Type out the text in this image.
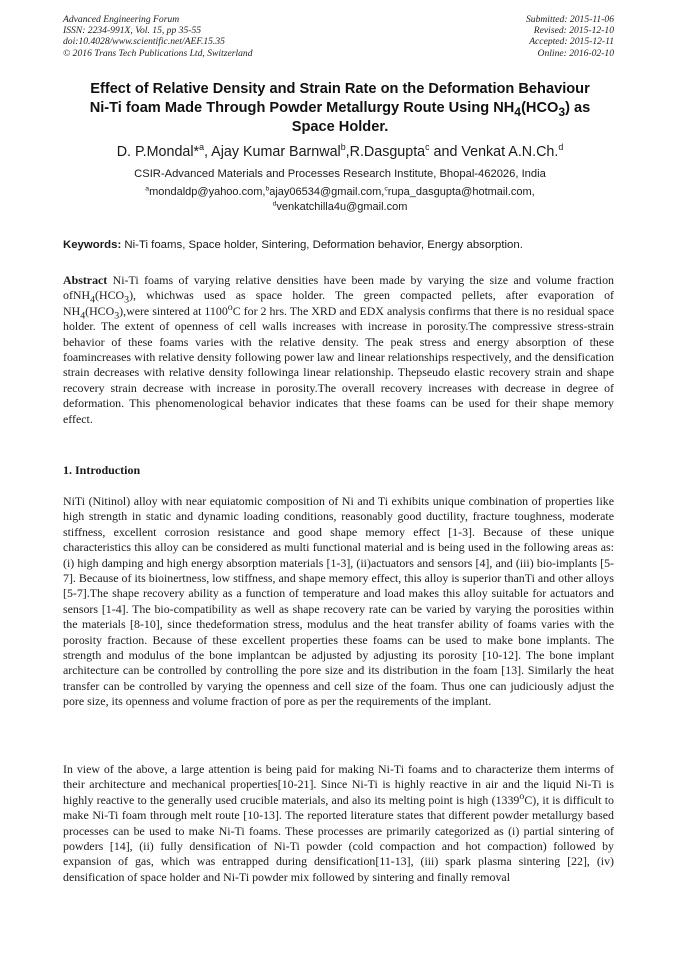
Advanced Engineering Forum
ISSN: 2234-991X, Vol. 15, pp 35-55
doi:10.4028/www.scientific.net/AEF.15.35
© 2016 Trans Tech Publications Ltd, Switzerland
Submitted: 2015-11-06
Revised: 2015-12-10
Accepted: 2015-12-11
Online: 2016-02-10
Effect of Relative Density and Strain Rate on the Deformation Behaviour
Ni-Ti foam Made Through Powder Metallurgy Route Using $NH_4(HCO_3)$ as
Space Holder.
D. P.Mondal*$^a$, Ajay Kumar Barnwal$^b$,R.Dasgupta$^c$ and Venkat A.N.Ch.$^d$
CSIR-Advanced Materials and Processes Research Institute, Bhopal-462026, India
$^a$mondaldp@yahoo.com,$^b$ajay06534@gmail.com,$^c$rupa_dasgupta@hotmail.com,
$^d$venkatchilla4u@gmail.com
Keywords: Ni-Ti foams, Space holder, Sintering, Deformation behavior, Energy absorption.
Abstract Ni-Ti foams of varying relative densities have been made by varying the size and volume fraction $ofNH_4(HCO_3)$, whichwas used as space holder. The green compacted pellets, after evaporation of $NH_4(HCO_3),were$ sintered at 1100$^o$C for 2 hrs. The XRD and EDX analysis confirms that there is no residual space holder. The extent of openness of cell walls increases with increase in porosity.The compressive stress-strain behavior of these foams varies with the relative density. The peak stress and energy absorption of these foamincreases with relative density following power law and linear relationships respectively, and the densification strain decreases with relative density followinga linear relationship. Thepseudo elastic recovery strain and shape recovery strain decrease with increase in porosity.The overall recovery increases with decrease in degree of deformation. This phenomenological behavior indicates that these foams can be used for their shape memory effect.
1. Introduction
NiTi (Nitinol) alloy with near equiatomic composition of Ni and Ti exhibits unique combination of properties like high strength in static and dynamic loading conditions, reasonably good ductility, fracture toughness, moderate stiffness, excellent corrosion resistance and good shape memory effect [1-3]. Because of these unique characteristics this alloy can be considered as multi functional material and is being used in the following areas as: (i) high damping and high energy absorption materials [1-3], (ii)actuators and sensors [4], and (iii) bio-implants [5-7]. Because of its bioinertness, low stiffness, and shape memory effect, this alloy is superior thanTi and other alloys [5-7].The shape recovery ability as a function of temperature and load makes this alloy suitable for actuators and sensors [1-4]. The bio-compatibility as well as shape recovery rate can be varied by varying the porosities within the materials [8-10], since thedeformation stress, modulus and the heat transfer ability of foams varies with the porosity fraction. Because of these excellent properties these foams can be used to make bone implants. The strength and modulus of the bone implantcan be adjusted by adjusting its porosity [10-12]. The bone implant architecture can be controlled by controlling the pore size and its distribution in the foam [13]. Similarly the heat transfer can be controlled by varying the openness and cell size of the foam. Thus one can judiciously adjust the pore size, its openness and volume fraction of pore as per the requirements of the implant.
In view of the above, a large attention is being paid for making Ni-Ti foams and to characterize them interms of their architecture and mechanical properties[10-21]. Since Ni-Ti is highly reactive in air and the liquid Ni-Ti is highly reactive to the generally used crucible materials, and also its melting point is high (1339$^o$C), it is difficult to make Ni-Ti foam through melt route [10-13]. The reported literature states that different powder metallurgy based processes can be used to make Ni-Ti foams. These processes are primarily categorized as (i) partial sintering of powders [14], (ii) fully densification of Ni-Ti powder (cold compaction and hot compaction) followed by expansion of gas, which was entrapped during densification[11-13], (iii) spark plasma sintering [22], (iv) densification of space holder and Ni-Ti powder mix followed by sintering and finally removal
